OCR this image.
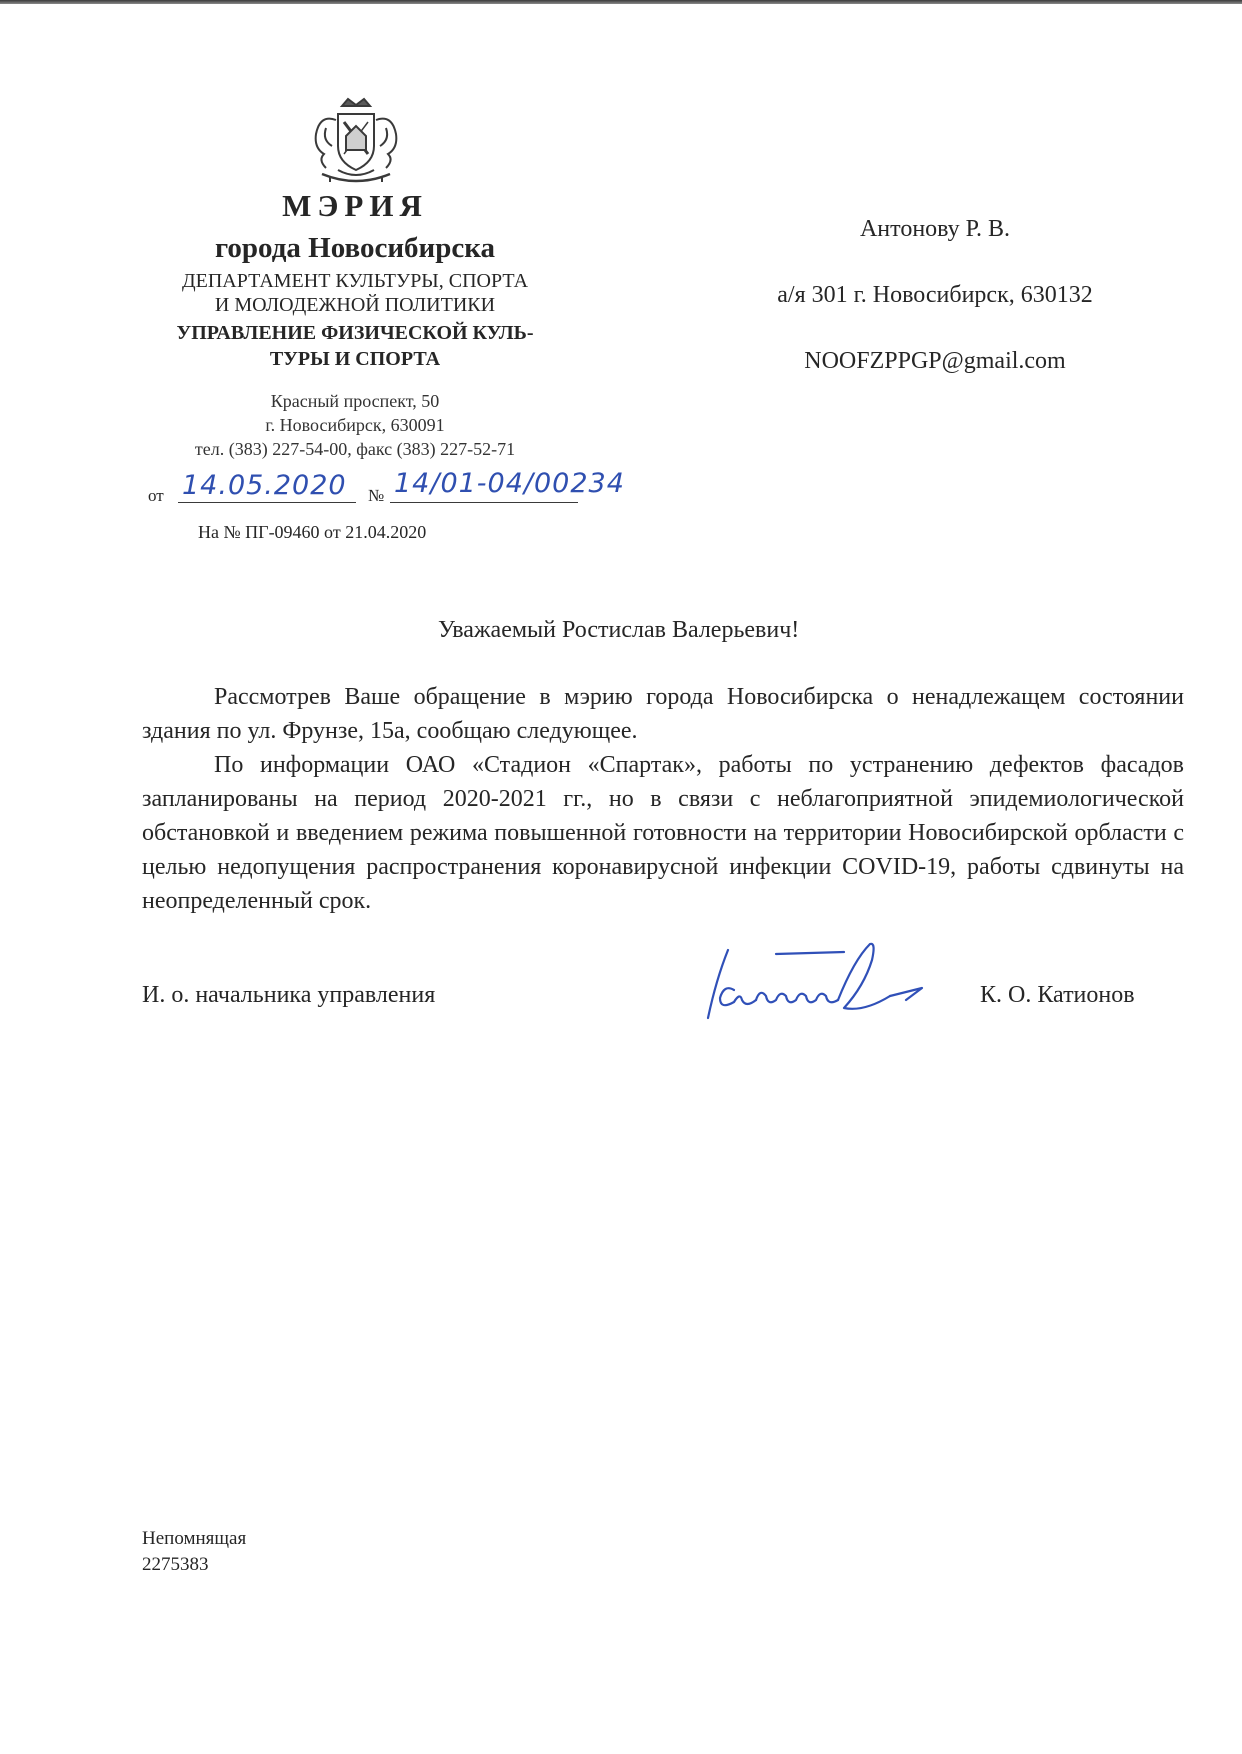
МЭРИЯ
города Новосибирска
ДЕПАРТАМЕНТ КУЛЬТУРЫ, СПОРТА
И МОЛОДЕЖНОЙ ПОЛИТИКИ
УПРАВЛЕНИЕ ФИЗИЧЕСКОЙ КУЛЬ-
ТУРЫ И СПОРТА
Красный проспект, 50
г. Новосибирск, 630091
тел. (383) 227-54-00, факс (383) 227-52-71
от 14.05.2020 № 14/01-04/00234
На № ПГ-09460 от 21.04.2020
Антонову Р. В.
а/я 301 г. Новосибирск, 630132
NOOFZPPGP@gmail.com
Уважаемый Ростислав Валерьевич!

Рассмотрев Ваше обращение в мэрию города Новосибирска о ненадлежащем состоянии здания по ул. Фрунзе, 15а, сообщаю следующее.

По информации ОАО «Стадион «Спартак», работы по устранению дефектов фасадов запланированы на период 2020-2021 гг., но в связи с неблагоприятной эпидемиологической обстановкой и введением режима повышенной готовности на территории Новосибирской орбласти с целью недопущения распространения коронавирусной инфекции COVID-19, работы сдвинуты на неопределенный срок.

И. о. начальника управления	К. О. Катионов
Непомнящая
2275383
